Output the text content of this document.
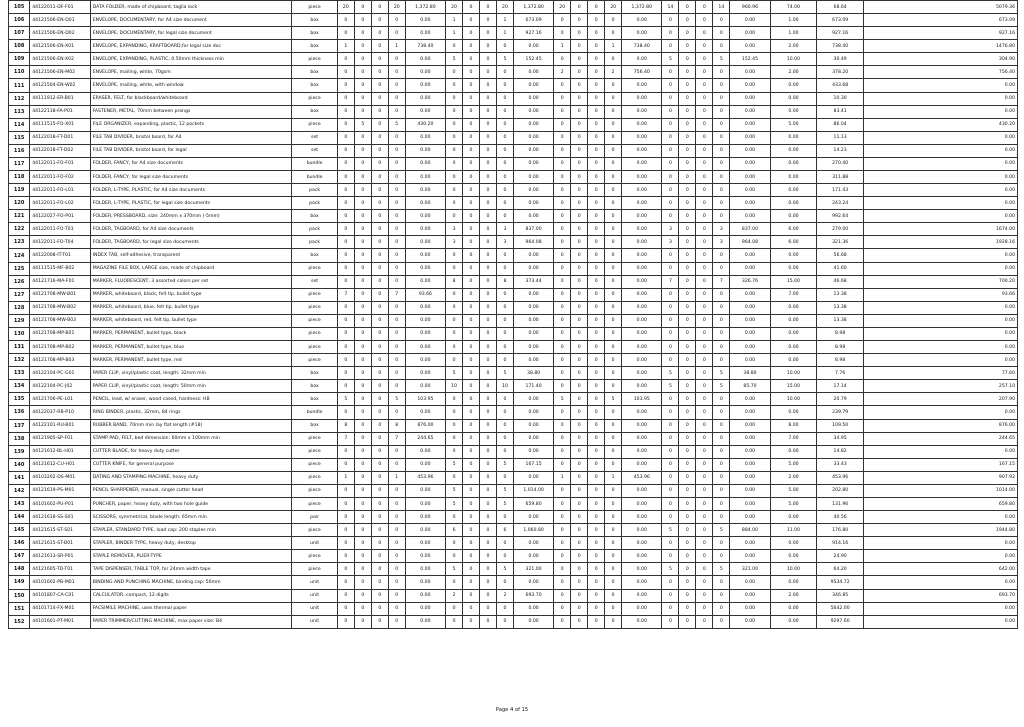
105	44122011-DF-F01	DATA FOLDER, made of chipboard, taglia lock	piece	20	0	0	20	1,372.80	20	0	0	20	1,372.80	20	0	0	20	1,372.80	14	0	0	14	960.96	74.00	68.64	5079.36
106	44121506-EN-D01	ENVELOPE, DOCUMENTARY, for A4 size document	box	0	0	0	0	0.00	1	0	0	1	673.09	0	0	0	0	0.00	0	0	0	0	0.00	1.00	673.09	673.09
107	44121506-EN-D02	ENVELOPE, DOCUMENTARY, for legal size document	box	0	0	0	0	0.00	1	0	0	1	927.16	0	0	0	0	0.00	0	0	0	0	0.00	1.00	927.16	927.16
108	44121506-EN-X01	ENVELOPE, EXPANDING, KRAFTBOARD,for legal size doc	box	1	0	0	1	738.40	0	0	0	0	0.00	1	0	0	1	738.40	0	0	0	0	0.00	2.00	738.40	1476.80
109	44121506-EN-X02	ENVELOPE, EXPANDING, PLASTIC, 0.50mm thickness min	piece	0	0	0	0	0.00	5	0	0	5	152.45	0	0	0	0	0.00	5	0	0	5	152.45	10.00	30.49	304.90
110	44121506-EN-M02	ENVELOPE, mailing, white, 70gsm	box	0	0	0	0	0.00	0	0	0	0	0.00	2	0	0	2	756.40	0	0	0	0	0.00	2.00	378.20	756.40
111	44121504-EN-W02	ENVELOPE, mailing, white, with window	box	0	0	0	0	0.00	0	0	0	0	0.00	0	0	0	0	0.00	0	0	0	0	0.00	0.00	433.68	0.00
112	44111912-ER-B01	ERASER, FELT, for blackboard/whiteboard	piece	0	0	0	0	0.00	0	0	0	0	0.00	0	0	0	0	0.00	0	0	0	0	0.00	0.00	10.30	0.00
113	44122118-FA-P01	FASTENER, METAL, 70mm between prongs	box	0	0	0	0	0.00	0	0	0	0	0.00	0	0	0	0	0.00	0	0	0	0	0.00	0.00	83.41	0.00
114	44111515-FO-X01	FILE ORGANIZER, expanding, plastic, 12 pockets	piece	0	5	0	5	430.20	0	0	0	0	0.00	0	0	0	0	0.00	0	0	0	0	0.00	5.00	86.04	430.20
115	44122018-FT-D01	FILE TAB DIVIDER, bristol board, for A4	set	0	0	0	0	0.00	0	0	0	0	0.00	0	0	0	0	0.00	0	0	0	0	0.00	0.00	11.13	0.00
116	44122018-FT-D02	FILE TAB DIVIDER, bristol board, for legal	set	0	0	0	0	0.00	0	0	0	0	0.00	0	0	0	0	0.00	0	0	0	0	0.00	0.00	14.23	0.00
117	44122011-FO-F01	FOLDER, FANCY, for A4 size documents	bundle	0	0	0	0	0.00	0	0	0	0	0.00	0	0	0	0	0.00	0	0	0	0	0.00	0.00	270.40	0.00
118	44122011-FO-F02	FOLDER, FANCY, for legal size documents	bundle	0	0	0	0	0.00	0	0	0	0	0.00	0	0	0	0	0.00	0	0	0	0	0.00	0.00	311.88	0.00
119	44122011-FO-L01	FOLDER, L-TYPE, PLASTIC, for A4 size documents	pack	0	0	0	0	0.00	0	0	0	0	0.00	0	0	0	0	0.00	0	0	0	0	0.00	0.00	171.43	0.00
120	44122011-FO-L02	FOLDER, L-TYPE, PLASTIC, for legal size documents	pack	0	0	0	0	0.00	0	0	0	0	0.00	0	0	0	0	0.00	0	0	0	0	0.00	0.00	243.24	0.00
121	44122027-FO-P01	FOLDER, PRESSBOARD, size: 240mm x 370mm (-5mm)	box	0	0	0	0	0.00	0	0	0	0	0.00	0	0	0	0	0.00	0	0	0	0	0.00	0.00	992.64	0.00
122	44122011-FO-T03	FOLDER, TAGBOARD, for A4 size documents	pack	0	0	0	0	0.00	3	0	0	3	837.00	0	0	0	0	0.00	3	0	0	3	837.00	6.00	279.00	1674.00
123	44122011-FO-T04	FOLDER, TAGBOARD, for legal size documents	pack	0	0	0	0	0.00	3	0	0	3	964.08	0	0	0	0	0.00	3	0	0	3	964.08	6.00	321.36	1928.16
124	44122008-IT-T01	INDEX TAB, self-adhesive, transparent	box	0	0	0	0	0.00	0	0	0	0	0.00	0	0	0	0	0.00	0	0	0	0	0.00	0.00	56.68	0.00
125	44111515-MF-B02	MAGAZINE FILE BOX, LARGE size, made of chipboard	piece	0	0	0	0	0.00	0	0	0	0	0.00	0	0	0	0	0.00	0	0	0	0	0.00	0.00	41.60	0.00
126	44121716-MA-F01	MARKER, FLUORESCENT, 3 assorted colors per set	set	0	0	0	0	0.00	8	0	0	8	373.44	0	0	0	0	0.00	7	0	0	7	326.76	15.00	46.68	700.20
127	44121708-MW-B01	MARKER, whiteboard, black, felt tip, bullet type	piece	7	0	0	7	93.66	0	0	0	0	0.00	0	0	0	0	0.00	0	0	0	0	0.00	7.00	13.38	93.66
128	44121708-MW-B02	MARKER, whiteboard, blue, felt tip, bullet type	piece	0	0	0	0	0.00	0	0	0	0	0.00	0	0	0	0	0.00	0	0	0	0	0.00	0.00	13.38	0.00
129	44121708-MW-B03	MARKER, whiteboard, red, felt tip, bullet type	piece	0	0	0	0	0.00	0	0	0	0	0.00	0	0	0	0	0.00	0	0	0	0	0.00	0.00	13.38	0.00
130	44121708-MP-B01	MARKER, PERMANENT, bullet type, black	piece	0	0	0	0	0.00	0	0	0	0	0.00	0	0	0	0	0.00	0	0	0	0	0.00	0.00	8.98	0.00
131	44121708-MP-B02	MARKER, PERMANENT, bullet type, blue	piece	0	0	0	0	0.00	0	0	0	0	0.00	0	0	0	0	0.00	0	0	0	0	0.00	0.00	8.98	0.00
132	44121708-MP-B03	MARKER, PERMANENT, bullet type, red	piece	0	0	0	0	0.00	0	0	0	0	0.00	0	0	0	0	0.00	0	0	0	0	0.00	0.00	8.98	0.00
133	44122104-PC-G01	PAPER CLIP, vinyl/plastic coat, length: 32mm min	box	0	0	0	0	0.00	5	0	0	5	38.80	0	0	0	0	0.00	5	0	0	5	38.80	10.00	7.76	77.60
134	44122104-PC-J02	PAPER CLIP, vinyl/plastic coat, length: 50mm min	box	0	0	0	0	0.00	10	0	0	10	171.40	0	0	0	0	0.00	5	0	0	5	85.70	15.00	17.14	257.10
135	44121706-PE-L01	PENCIL, lead, w/ eraser, wood cased, hardness: HB	box	5	0	0	5	103.95	0	0	0	0	0.00	5	0	0	5	103.95	0	0	0	0	0.00	10.00	20.79	207.90
136	44122037-RB-P10	RING BINDER, plastic, 32mm, 84 rings	bundle	0	0	0	0	0.00	0	0	0	0	0.00	0	0	0	0	0.00	0	0	0	0	0.00	0.00	239.79	0.00
137	44122101-RU-B01	RUBBER BAND, 70mm min lay flat length (#18)	box	8	0	0	8	876.00	0	0	0	0	0.00	0	0	0	0	0.00	0	0	0	0	0.00	8.00	109.50	876.00
138	44121905-SP-F01	STAMP PAD, FELT, bed dimension: 60mm x 100mm min	piece	7	0	0	7	244.65	0	0	0	0	0.00	0	0	0	0	0.00	0	0	0	0	0.00	7.00	34.95	244.65
139	44121612-BL-H01	CUTTER BLADE, for heavy duty cutter	piece	0	0	0	0	0.00	0	0	0	0	0.00	0	0	0	0	0.00	0	0	0	0	0.00	0.00	14.82	0.00
140	44121612-CU-H01	CUTTER KNIFE, for general purpose	piece	0	0	0	0	0.00	5	0	0	5	167.15	0	0	0	0	0.00	0	0	0	0	0.00	5.00	33.43	167.15
141	44103202-DS-M01	DATING AND STAMPING MACHINE, heavy duty	piece	1	0	0	1	453.96	0	0	0	0	0.00	1	0	0	1	453.96	0	0	0	0	0.00	2.00	453.96	907.92
142	44121619-PS-M01	PENCIL SHARPENER, manual, single cutter head	piece	0	0	0	0	0.00	5	0	0	5	1,014.00	0	0	0	0	0.00	0	0	0	0	0.00	5.00	202.80	1014.00
143	44101602-PU-P01	PUNCHER, paper, heavy duty, with two hole guide	piece	0	0	0	0	0.00	5	0	0	5	659.80	0	0	0	0	0.00	0	0	0	0	0.00	5.00	131.96	659.80
144	44121618-SS-S01	SCISSORS, symmetrical, blade length: 65mm min	pair	0	0	0	0	0.00	0	0	0	0	0.00	0	0	0	0	0.00	0	0	0	0	0.00	0.00	40.56	0.00
145	44121615-ST-S01	STAPLER, STANDARD TYPE, load cap: 200 staples min	piece	0	0	0	0	0.00	6	0	0	6	1,060.80	0	0	0	0	0.00	5	0	0	5	884.00	11.00	176.80	1944.80
146	44121615-ST-B01	STAPLER, BINDER TYPE, heavy duty, desktop	unit	0	0	0	0	0.00	0	0	0	0	0.00	0	0	0	0	0.00	0	0	0	0	0.00	0.00	914.16	0.00
147	44121613-SR-P01	STAPLE REMOVER, PLIER-TYPE	piece	0	0	0	0	0.00	0	0	0	0	0.00	0	0	0	0	0.00	0	0	0	0	0.00	0.00	24.90	0.00
148	44121605-TD-T01	TAPE DISPENSER, TABLE TOP, for 24mm width tape	piece	0	0	0	0	0.00	5	0	0	5	321.00	0	0	0	0	0.00	5	0	0	5	321.00	10.00	64.20	642.00
149	44101602-PB-M01	BINDING AND PUNCHING MACHINE, binding cap: 50mm	unit	0	0	0	0	0.00	0	0	0	0	0.00	0	0	0	0	0.00	0	0	0	0	0.00	0.00	9534.72	0.00
150	44101807-CA-C01	CALCULATOR, compact, 12 digits	unit	0	0	0	0	0.00	2	0	0	2	693.70	0	0	0	0	0.00	0	0	0	0	0.00	2.00	346.85	693.70
151	44101714-FX-M01	FACSIMILE MACHINE, uses thermal paper	unit	0	0	0	0	0.00	0	0	0	0	0.00	0	0	0	0	0.00	0	0	0	0	0.00	0.00	5642.00	0.00
152	44101601-PT-M01	PAPER TRIMMER/CUTTING MACHINE, max paper size: B4	unit	0	0	0	0	0.00	0	0	0	0	0.00	0	0	0	0	0.00	0	0	0	0	0.00	0.00	9297.60	0.00
Page 4 of 15
